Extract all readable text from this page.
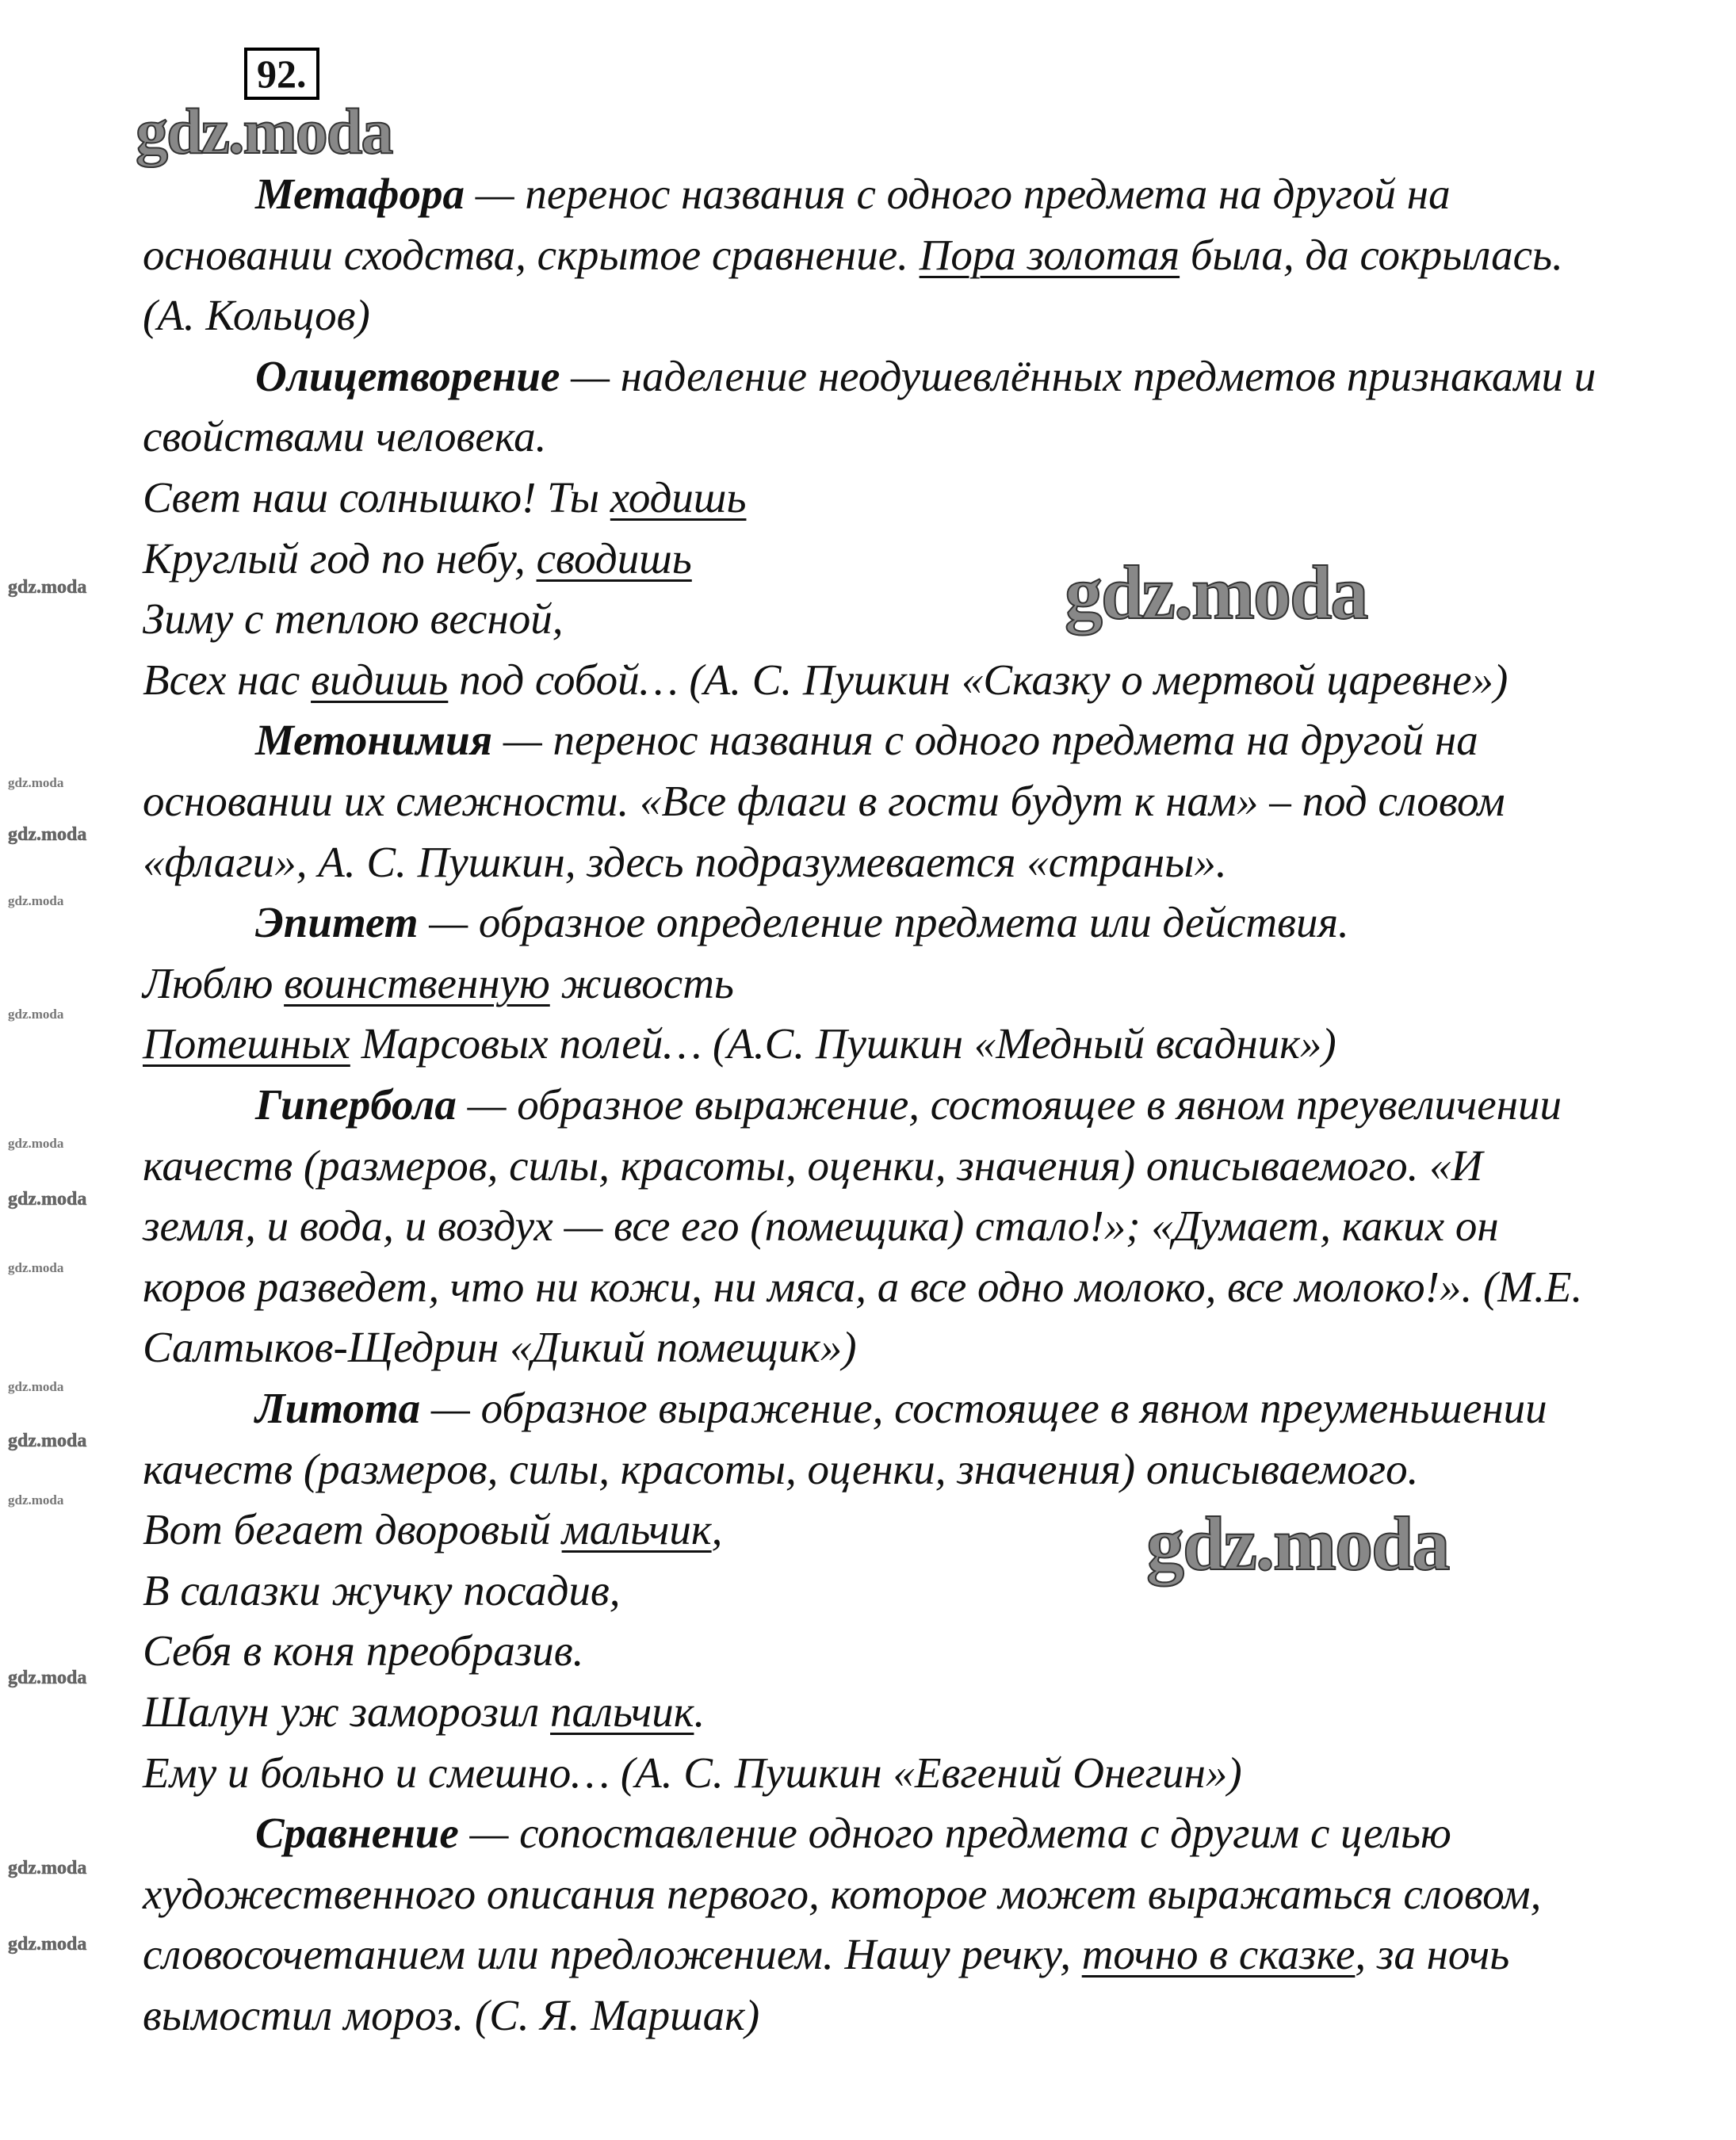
92.
gdz.moda
gdz.moda
gdz.moda
gdz.moda
gdz.moda
gdz.moda
gdz.moda
gdz.moda
gdz.moda
gdz.moda
gdz.moda
gdz.moda
gdz.moda
gdz.moda
gdz.moda
gdz.moda
gdz.moda
Метафора — перенос названия с одного предмета на другой на
основании сходства, скрытое сравнение. Пора золотая была, да сокрылась.
(А. Кольцов)
Олицетворение — наделение неодушевлённых предметов признаками и
свойствами человека.
Свет наш солнышко! Ты ходишь
Круглый год по небу, сводишь
Зиму с теплою весной,
Всех нас видишь под собой… (А. С. Пушкин «Сказку о мертвой царевне»)
Метонимия — перенос названия с одного предмета на другой на
основании их смежности. «Все флаги в гости будут к нам» – под словом
«флаги», А. С. Пушкин, здесь подразумевается «страны».
Эпитет — образное определение предмета или действия.
Люблю воинственную живость
Потешных Марсовых полей… (А.С. Пушкин «Медный всадник»)
Гипербола — образное выражение, состоящее в явном преувеличении
качеств (размеров, силы, красоты, оценки, значения) описываемого. «И
земля, и вода, и воздух — все его (помещика) стало!»; «Думает, каких он
коров разведет, что ни кожи, ни мяса, а все одно молоко, все молоко!». (М.Е.
Салтыков-Щедрин «Дикий помещик»)
Литота — образное выражение, состоящее в явном преуменьшении
качеств (размеров, силы, красоты, оценки, значения) описываемого.
Вот бегает дворовый мальчик,
В салазки жучку посадив,
Себя в коня преобразив.
Шалун уж заморозил пальчик.
Ему и больно и смешно… (А. С. Пушкин «Евгений Онегин»)
Сравнение — сопоставление одного предмета с другим с целью
художественного описания первого, которое может выражаться словом,
словосочетанием или предложением. Нашу речку, точно в сказке, за ночь
вымостил мороз. (С. Я. Маршак)
